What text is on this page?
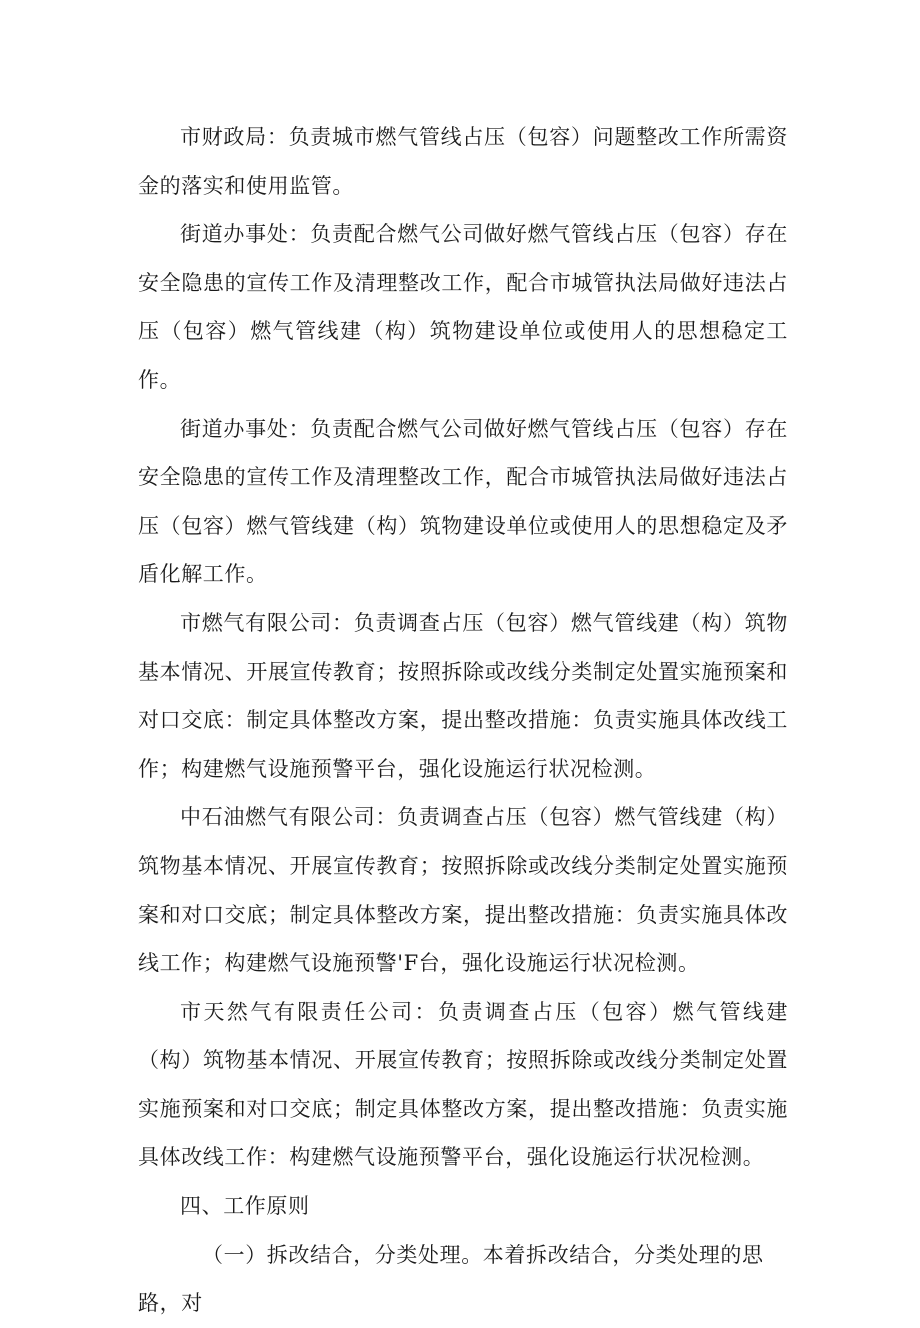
市财政局：负责城市燃气管线占压（包容）问题整改工作所需资金的落实和使用监管。

街道办事处：负责配合燃气公司做好燃气管线占压（包容）存在安全隐患的宣传工作及清理整改工作，配合市城管执法局做好违法占压（包容）燃气管线建（构）筑物建设单位或使用人的思想稳定工作。

街道办事处：负责配合燃气公司做好燃气管线占压（包容）存在安全隐患的宣传工作及清理整改工作，配合市城管执法局做好违法占压（包容）燃气管线建（构）筑物建设单位或使用人的思想稳定及矛盾化解工作。

市燃气有限公司：负责调查占压（包容）燃气管线建（构）筑物基本情况、开展宣传教育；按照拆除或改线分类制定处置实施预案和对口交底：制定具体整改方案，提出整改措施：负责实施具体改线工作；构建燃气设施预警平台，强化设施运行状况检测。

中石油燃气有限公司：负责调查占压（包容）燃气管线建（构）筑物基本情况、开展宣传教育；按照拆除或改线分类制定处置实施预案和对口交底；制定具体整改方案，提出整改措施：负责实施具体改线工作；构建燃气设施预警'F台，强化设施运行状况检测。

市天然气有限责任公司：负责调查占压（包容）燃气管线建（构）筑物基本情况、开展宣传教育；按照拆除或改线分类制定处置实施预案和对口交底；制定具体整改方案，提出整改措施：负责实施具体改线工作：构建燃气设施预警平台，强化设施运行状况检测。

四、工作原则

（一）拆改结合，分类处理。本着拆改结合，分类处理的思路，对
